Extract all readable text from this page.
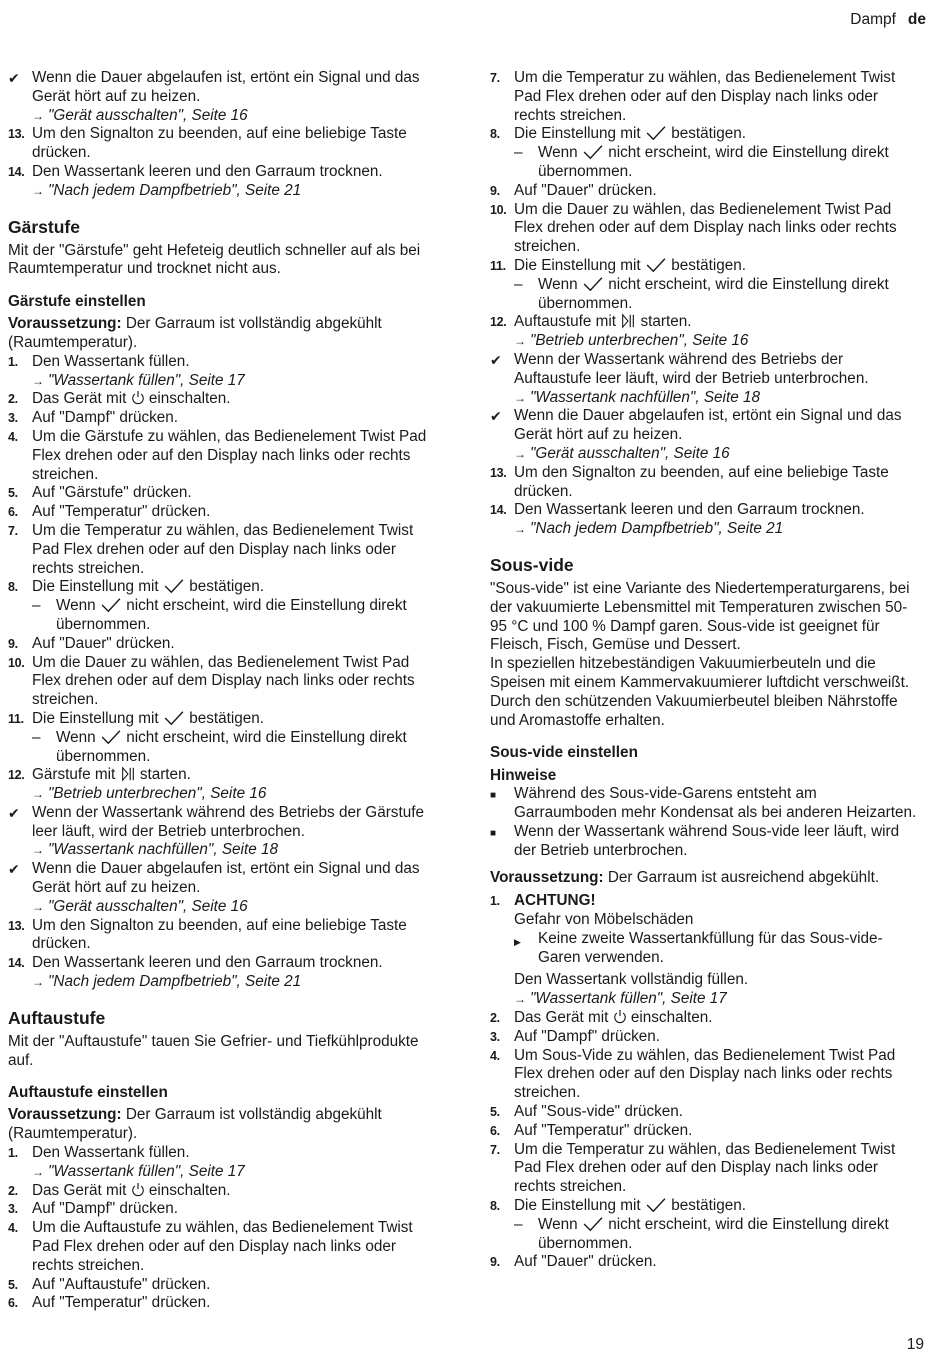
Dampf de
✔ Wenn die Dauer abgelaufen ist, ertönt ein Signal und das Gerät hört auf zu heizen.
→ "Gerät ausschalten", Seite 16
13. Um den Signalton zu beenden, auf eine beliebige Taste drücken.
14. Den Wassertank leeren und den Garraum trocknen.
→ "Nach jedem Dampfbetrieb", Seite 21
Gärstufe

Mit der "Gärstufe" geht Hefeteig deutlich schneller auf als bei Raumtemperatur und trocknet nicht aus.

Gärstufe einstellen

Voraussetzung: Der Garraum ist vollständig abgekühlt (Raumtemperatur).

1. Den Wassertank füllen.
→ "Wassertank füllen", Seite 17
2. Das Gerät mit einschalten.
3. Auf "Dampf" drücken.
4. Um die Gärstufe zu wählen, das Bedienelement Twist Pad Flex drehen oder auf den Display nach links oder rechts streichen.
5. Auf "Gärstufe" drücken.
6. Auf "Temperatur" drücken.
7. Um die Temperatur zu wählen, das Bedienelement Twist Pad Flex drehen oder auf den Display nach links oder rechts streichen.
8. Die Einstellung mit bestätigen.
–	Wenn nicht erscheint, wird die Einstellung direkt übernommen.
9. Auf "Dauer" drücken.
10. Um die Dauer zu wählen, das Bedienelement Twist Pad Flex drehen oder auf dem Display nach links oder rechts streichen.
11. Die Einstellung mit bestätigen.
–	Wenn nicht erscheint, wird die Einstellung direkt übernommen.
12. Gärstufe mit starten.
→ "Betrieb unterbrechen", Seite 16
✔ Wenn der Wassertank während des Betriebs der Gärstufe leer läuft, wird der Betrieb unterbrochen.
→ "Wassertank nachfüllen", Seite 18
✔ Wenn die Dauer abgelaufen ist, ertönt ein Signal und das Gerät hört auf zu heizen.
→ "Gerät ausschalten", Seite 16
13. Um den Signalton zu beenden, auf eine beliebige Taste drücken.
14. Den Wassertank leeren und den Garraum trocknen.
→ "Nach jedem Dampfbetrieb", Seite 21
Auftaustufe

Mit der "Auftaustufe" tauen Sie Gefrier- und Tiefkühlprodukte auf.

Auftaustufe einstellen

Voraussetzung: Der Garraum ist vollständig abgekühlt (Raumtemperatur).

1. Den Wassertank füllen.
→ "Wassertank füllen", Seite 17
2. Das Gerät mit einschalten.
3. Auf "Dampf" drücken.
4. Um die Auftaustufe zu wählen, das Bedienelement Twist Pad Flex drehen oder auf den Display nach links oder rechts streichen.
5. Auf "Auftaustufe" drücken.
6. Auf "Temperatur" drücken.
7. Um die Temperatur zu wählen, das Bedienelement Twist Pad Flex drehen oder auf den Display nach links oder rechts streichen.
8. Die Einstellung mit bestätigen.
–	Wenn nicht erscheint, wird die Einstellung direkt übernommen.
9. Auf "Dauer" drücken.
10. Um die Dauer zu wählen, das Bedienelement Twist Pad Flex drehen oder auf dem Display nach links oder rechts streichen.
11. Die Einstellung mit bestätigen.
–	Wenn nicht erscheint, wird die Einstellung direkt übernommen.
12. Auftaustufe mit starten.
→ "Betrieb unterbrechen", Seite 16
✔ Wenn der Wassertank während des Betriebs der Auftaustufe leer läuft, wird der Betrieb unterbrochen.
→ "Wassertank nachfüllen", Seite 18
✔ Wenn die Dauer abgelaufen ist, ertönt ein Signal und das Gerät hört auf zu heizen.
→ "Gerät ausschalten", Seite 16
13. Um den Signalton zu beenden, auf eine beliebige Taste drücken.
14. Den Wassertank leeren und den Garraum trocknen.
→ "Nach jedem Dampfbetrieb", Seite 21
Sous-vide

"Sous-vide" ist eine Variante des Niedertemperaturgarens, bei der vakuumierte Lebensmittel mit Temperaturen zwischen 50-95 °C und 100 % Dampf garen. Sous-vide ist geeignet für Fleisch, Fisch, Gemüse und Dessert.

In speziellen hitzebeständigen Vakuumierbeuteln und die Speisen mit einem Kammervakuumierer luftdicht verschweißt. Durch den schützenden Vakuumierbeutel bleiben Nährstoffe und Aromastoffe erhalten.

Sous-vide einstellen
Hinweise
■	Während des Sous-vide-Garens entsteht am Garraumboden mehr Kondensat als bei anderen Heizarten.
■	Wenn der Wassertank während Sous-vide leer läuft, wird der Betrieb unterbrochen.

Voraussetzung: Der Garraum ist ausreichend abgekühlt.

1. ACHTUNG!
Gefahr von Möbelschäden
▶	Keine zweite Wassertankfüllung für das Sous-vide-Garen verwenden.
Den Wassertank vollständig füllen.
→ "Wassertank füllen", Seite 17
2. Das Gerät mit einschalten.
3. Auf "Dampf" drücken.
4. Um Sous-Vide zu wählen, das Bedienelement Twist Pad Flex drehen oder auf den Display nach links oder rechts streichen.
5. Auf "Sous-vide" drücken.
6. Auf "Temperatur" drücken.
7. Um die Temperatur zu wählen, das Bedienelement Twist Pad Flex drehen oder auf den Display nach links oder rechts streichen.
8. Die Einstellung mit bestätigen.
–	Wenn nicht erscheint, wird die Einstellung direkt übernommen.
9. Auf "Dauer" drücken.
19
